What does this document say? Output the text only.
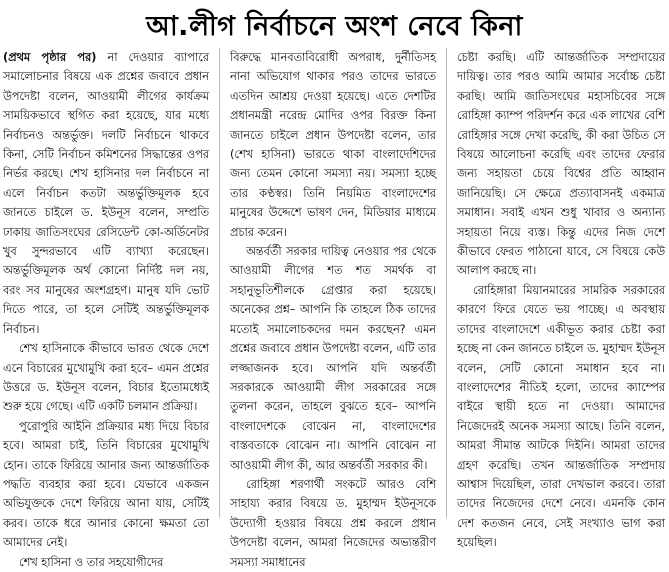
আ.লীগ নির্বাচনে অংশ নেবে কিনা

(প্রথম পৃষ্ঠার পর) না দেওয়ার ব্যাপারে সমালোচনার বিষয়ে এক প্রশ্নের জবাবে প্রধান উপদেষ্টা বলেন, আওয়ামী লীগের কার্যক্রম সাময়িকভাবে স্থগিত করা হয়েছে, যার মধ্যে নির্বাচনও অন্তর্ভুক্ত। দলটি নির্বাচনে থাকবে কিনা, সেটি নির্বাচন কমিশনের সিদ্ধান্তের ওপর নির্ভর করছে। শেখ হাসিনার দল নির্বাচনে না এলে নির্বাচন কতটা অন্তর্ভুক্তিমূলক হবে জানতে চাইলে ড. ইউনূস বলেন, সম্প্রতি ঢাকায় জাতিসংঘের রেসিডেন্ট কো-অর্ডিনেটর খুব সুন্দরভাবে এটি ব্যাখ্যা করেছেন। অন্তর্ভুক্তিমূলক অর্থ কোনো নির্দিষ্ট দল নয়, বরং সব মানুষের অংশগ্রহণ। মানুষ যদি ভোট দিতে পারে, তা হলে সেটিই অন্তর্ভুক্তিমূলক নির্বাচন।

শেখ হাসিনাকে কীভাবে ভারত থেকে দেশে এনে বিচারের মুখোমুখি করা হবে– এমন প্রশ্নের উত্তরে ড. ইউনূস বলেন, বিচার ইতোমধ্যেই শুরু হয়ে গেছে। এটি একটি চলমান প্রক্রিয়া।

পুরোপুরি আইনি প্রক্রিয়ার মধ্য দিয়ে বিচার হবে। আমরা চাই, তিনি বিচারের মুখোমুখি হোন। তাকে ফিরিয়ে আনার জন্য আন্তর্জাতিক পদ্ধতি ব্যবহার করা হবে। যেভাবে একজন অভিযুক্তকে দেশে ফিরিয়ে আনা যায়, সেটিই করব। তাকে ধরে আনার কোনো ক্ষমতা তো আমাদের নেই।

শেখ হাসিনা ও তার সহযোগীদের

বিরুদ্ধে মানবতাবিরোধী অপরাধ, দুর্নীতিসহ নানা অভিযোগ থাকার পরও তাদের ভারতে এতদিন আশ্রয় দেওয়া হয়েছে। এতে দেশটির প্রধানমন্ত্রী নরেন্দ্র মোদির ওপর বিরক্ত কিনা জানতে চাইলে প্রধান উপদেষ্টা বলেন, তার (শেখ হাসিনা) ভারতে থাকা বাংলাদেশিদের জন্য তেমন কোনো সমস্যা নয়। সমস্যা হচ্ছে তার কণ্ঠস্বর। তিনি নিয়মিত বাংলাদেশের মানুষের উদ্দেশে ভাষণ দেন, মিডিয়ার মাধ্যমে প্রচার করেন।

অন্তর্বর্তী সরকার দায়িত্ব নেওয়ার পর থেকে আওয়ামী লীগের শত শত সমর্থক বা সহানুভূতিশীলকে গ্রেপ্তার করা হয়েছে। অনেকের প্রশ্ন– আপনি কি তাহলে ঠিক তাদের মতোই সমালোচকদের দমন করছেন? এমন প্রশ্নের জবাবে প্রধান উপদেষ্টা বলেন, এটি তার লজ্জাজনক হবে। আপনি যদি অন্তর্বর্তী সরকারকে আওয়ামী লীগ সরকারের সঙ্গে তুলনা করেন, তাহলে বুঝতে হবে– আপনি বাংলাদেশকে বোঝেন না, বাংলাদেশের বাস্তবতাকে বোঝেন না। আপনি বোঝেন না আওয়ামী লীগ কী, আর অন্তর্বর্তী সরকার কী।

রোহিঙ্গা শরণার্থী সংকটে আরও বেশি সাহায্য করার বিষয়ে ড. মুহাম্মদ ইউনূসকে উদ্যোগী হওয়ার বিষয়ে প্রশ্ন করলে প্রধান উপদেষ্টা বলেন, আমরা নিজেদের অভ্যন্তরীণ সমস্যা সমাধানের

চেষ্টা করছি। এটি আন্তর্জাতিক সম্প্রদায়ের দায়িত্ব। তার পরও আমি আমার সর্বোচ্চ চেষ্টা করছি। আমি জাতিসংঘের মহাসচিবের সঙ্গে রোহিঙ্গা ক্যাম্প পরিদর্শন করে এক লাখের বেশি রোহিঙ্গার সঙ্গে দেখা করেছি, কী করা উচিত সে বিষয়ে আলোচনা করেছি এবং তাদের ফেরার জন্য সহায়তা চেয়ে বিশ্বের প্রতি আহ্বান জানিয়েছি। সে ক্ষেত্রে প্রত্যাবাসনই একমাত্র সমাধান। সবাই এখন শুধু খাবার ও অন্যান্য সহায়তা নিয়ে ব্যস্ত। কিন্তু এদের নিজ দেশে কীভাবে ফেরত পাঠানো যাবে, সে বিষয়ে কেউ আলাপ করছে না।

রোহিঙ্গারা মিয়ানমারের সামরিক সরকারের কারণে ফিরে যেতে ভয় পাচ্ছে। এ অবস্থায় তাদের বাংলাদেশে একীভূত করার চেষ্টা করা হচ্ছে না কেন জানতে চাইলে ড. মুহাম্মদ ইউনূস বলেন, সেটি কোনো সমাধান হবে না। বাংলাদেশের নীতিই হলো, তাদের ক্যাম্পের বাইরে স্থায়ী হতে না দেওয়া। আমাদের নিজেদেরই অনেক সমস্যা আছে। তিনি বলেন, আমরা সীমান্ত আটকে দিইনি। আমরা তাদের গ্রহণ করেছি। তখন আন্তর্জাতিক সম্প্রদায় আশ্বাস দিয়েছিল, তারা দেখভাল করবে। তারা তাদের নিজেদের দেশে নেবে। এমনকি কোন দেশ কতজন নেবে, সেই সংখ্যাও ভাগ করা হয়েছিল।
